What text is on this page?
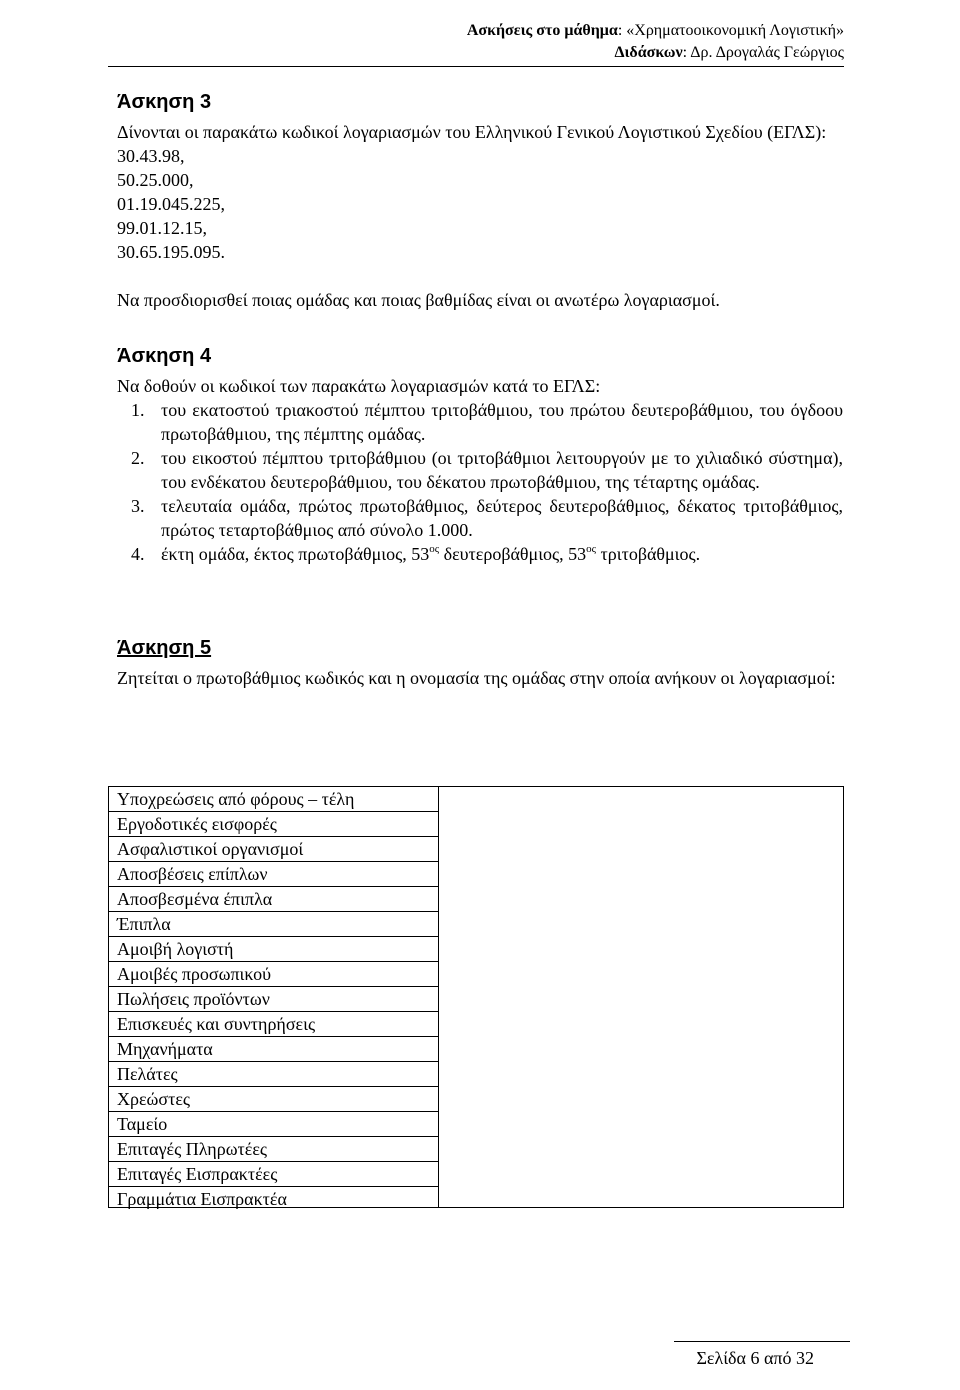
Ασκήσεις στο μάθημα: «Χρηματοοικονομική Λογιστική»
Διδάσκων: Δρ. Δρογαλάς Γεώργιος
Άσκηση 3

Δίνονται οι παρακάτω κωδικοί λογαριασμών του Ελληνικού Γενικού Λογιστικού Σχεδίου (ΕΓΛΣ):

30.43.98,
50.25.000,
01.19.045.225,
99.01.12.15,
30.65.195.095.

Να προσδιορισθεί ποιας ομάδας και ποιας βαθμίδας είναι οι ανωτέρω λογαριασμοί.

Άσκηση 4

Να δοθούν οι κωδικοί των παρακάτω λογαριασμών κατά το ΕΓΛΣ:

1. του εκατοστού τριακοστού πέμπτου τριτοβάθμιου, του πρώτου δευτεροβάθμιου, του όγδοου πρωτοβάθμιου, της πέμπτης ομάδας.
2. του εικοστού πέμπτου τριτοβάθμιου (οι τριτοβάθμιοι λειτουργούν με το χιλιαδικό σύστημα), του ενδέκατου δευτεροβάθμιου, του δέκατου πρωτοβάθμιου, της τέταρτης ομάδας.
3. τελευταία ομάδα, πρώτος πρωτοβάθμιος, δεύτερος δευτεροβάθμιος, δέκατος τριτοβάθμιος, πρώτος τεταρτοβάθμιος από σύνολο 1.000.
4. έκτη ομάδα, έκτος πρωτοβάθμιος, $53^{o\varsigma}$ δευτεροβάθμιος, $53^{o\varsigma}$ τριτοβάθμιος.
Άσκηση 5

Ζητείται ο πρωτοβάθμιος κωδικός και η ονομασία της ομάδας στην οποία ανήκουν οι λογαριασμοί:

Υποχρεώσεις από φόρους – τέλη
Εργοδοτικές εισφορές
Ασφαλιστικοί οργανισμοί
Αποσβέσεις επίπλων
Αποσβεσμένα έπιπλα
Έπιπλα
Αμοιβή λογιστή
Αμοιβές προσωπικού
Πωλήσεις προϊόντων
Επισκευές και συντηρήσεις
Μηχανήματα
Πελάτες
Χρεώστες
Ταμείο
Επιταγές Πληρωτέες
Επιταγές Εισπρακτέες
Γραμμάτια Εισπρακτέα
Σελίδα 6 από 32
